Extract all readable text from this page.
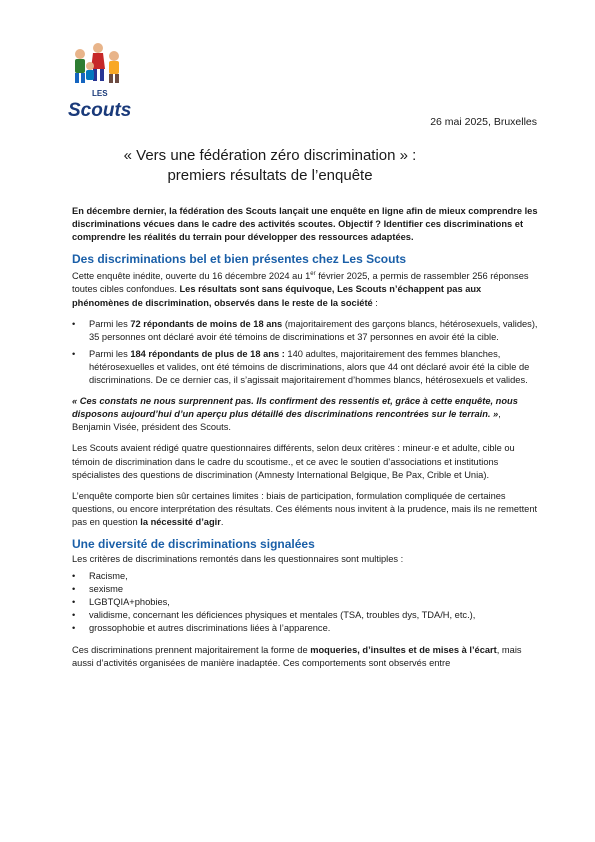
LES
Scouts
26 mai 2025, Bruxelles
« Vers une fédération zéro discrimination » :
premiers résultats de l’enquête

En décembre dernier, la fédération des Scouts lançait une enquête en ligne afin de mieux comprendre les discriminations vécues dans le cadre des activités scoutes. Objectif ? Identifier ces discriminations et comprendre les réalités du terrain pour développer des ressources adaptées.

Des discriminations bel et bien présentes chez Les Scouts

Cette enquête inédite, ouverte du 16 décembre 2024 au 1er février 2025, a permis de rassembler 256 réponses toutes cibles confondues. Les résultats sont sans équivoque, Les Scouts n’échappent pas aux phénomènes de discrimination, observés dans le reste de la société :

• Parmi les 72 répondants de moins de 18 ans (majoritairement des garçons blancs, hétérosexuels, valides), 35 personnes ont déclaré avoir été témoins de discriminations et 37 personnes en avoir été la cible.
• Parmi les 184 répondants de plus de 18 ans : 140 adultes, majoritairement des femmes blanches, hétérosexuelles et valides, ont été témoins de discriminations, alors que 44 ont déclaré avoir été la cible de discriminations. De ce dernier cas, il s’agissait majoritairement d’hommes blancs, hétérosexuels et valides.

« Ces constats ne nous surprennent pas. Ils confirment des ressentis et, grâce à cette enquête, nous disposons aujourd’hui d’un aperçu plus détaillé des discriminations rencontrées sur le terrain. », Benjamin Visée, président des Scouts.

Les Scouts avaient rédigé quatre questionnaires différents, selon deux critères : mineur·e et adulte, cible ou témoin de discrimination dans le cadre du scoutisme., et ce avec le soutien d’associations et institutions spécialistes des questions de discrimination (Amnesty International Belgique, Be Pax, Crible et Unia).

L’enquête comporte bien sûr certaines limites : biais de participation, formulation compliquée de certaines questions, ou encore interprétation des résultats. Ces éléments nous invitent à la prudence, mais ils ne remettent pas en question la nécessité d’agir.

Une diversité de discriminations signalées

Les critères de discriminations remontés dans les questionnaires sont multiples :

• Racisme,
• sexisme
• LGBTQIA+phobies,
• validisme, concernant les déficiences physiques et mentales (TSA, troubles dys, TDA/H, etc.),
• grossophobie et autres discriminations liées à l’apparence.

Ces discriminations prennent majoritairement la forme de moqueries, d’insultes et de mises à l’écart, mais aussi d’activités organisées de manière inadaptée. Ces comportements sont observés entre
